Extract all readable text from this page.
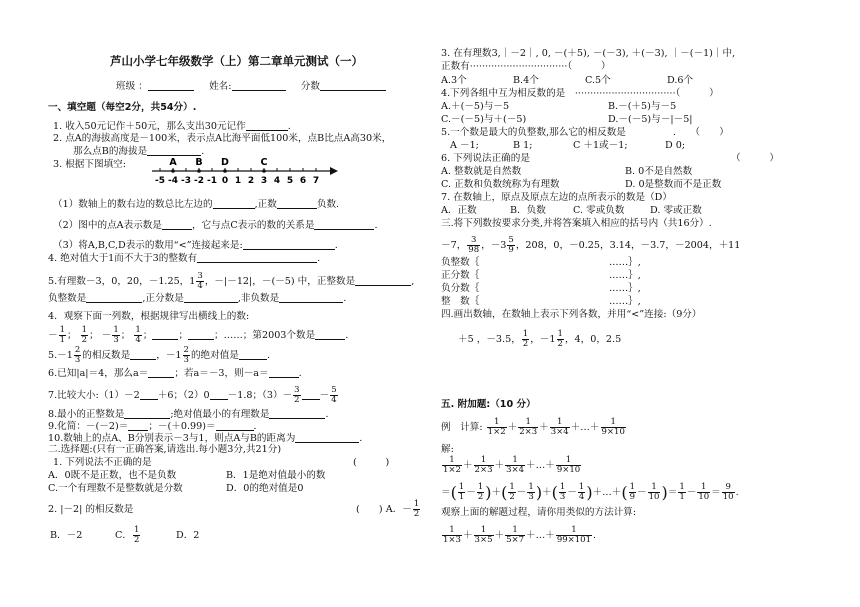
芦山小学七年级数学（上）第二章单元测试（一）
班级 ：	姓名:	分数
一、填空题（每空2分，共54分）.
1. 收入50元记作＋50元，那么支出30元记作	.
2. 点A的海拔高度是－100米，表示点A比海平面低100米，点B比点A高30米，
那么点B的海拔是	.
3. 根据下图填空:
-5 -4 -3 -2 -1 0 1 2 3 4 5 6 7
A B D	C
（1）数轴上的数右边的数总比左边的	,正数	负数.
（2）图中的点A表示数是	，它与点C表示的数的关系是	.
（3）将A,B,C,D表示的数用“<”连接起来是:	.
4. 绝对值大于1而不大于3的整数有	.
5.有理数－3，0，20，－1.25，$1 \frac{3}{4}$ ，－|－12|，－(－5) 中，正整数是	,
负整数是	,正分数是	,非负数是	.
4．观察下面一列数，根据规律写出横线上的数:
－ $\frac{1}{1}$ ； $\frac{1}{2}$ ； － $\frac{1}{3}$ ； $\frac{1}{4}$ ；	；	；……；第2003个数是	.
$5.-1 \frac{2}{3}$ 的相反数是	，$-1 \frac{2}{3}$ 的绝对值是	.
6.已知|a|＝4，那么a＝	；若a＝－3，则－a＝	.
7.比较大小:（1）－2 ＋6；（2）0 －1.8；$(3)- \frac{3}{2} - \frac{5}{4}$
8.最小的正整数是	;绝对值最小的有理数是	.
9.化简：－(－2)＝ ；－(＋0.99)＝	.
10.数轴上的点A、B分别表示－3与1，则点A与B的距离为	.
二.选择题:(只有一正确答案,请选出.每小题3分,共21分)
1. 下列说法不正确的是	(　　　)
A．0既不是正数，也不是负数	B．1是绝对值最小的数
C.一个有理数不是整数就是分数	D．0的绝对值是0
2. |－2| 的相反数是	(　　) A．－ $\frac{1}{2}$
B．－2	C． $\frac{1}{2}$	D．2
3. 在有理数3,｜－2｜, 0, －(＋5), －(－3), ＋(－3), ｜－(－1)｜中,
正数有································（　　　）
A.3个	B.4个	C.5个	D.6个
4.下列各组中互为相反数的是　·································（　　　）
A.＋(－5)与－5	B.－(＋5)与－5
C.－(－5)与＋(－5)	D.－(－5)与－|－5|
5.一个数是最大的负整数,那么它的相反数是	.　　（　　）
A －1;	B 1;	C ＋1或－1;	D 0;
6. 下列说法正确的是	（　　　）
A. 整数就是自然数	B. 0不是自然数
C. 正数和负数统称为有理数	D. 0是整数而不是正数
7. 在数轴上，原点及原点左边的点所表示的数是（D）
A．正数	B．负数	C. 零或负数	D. 零或正数
三.将下列数按要求分类,并将答案填入相应的括号内（共16分）.
－7， $\frac{3}{98}$ ，$-3 \frac{5}{9}$ ，208，0，－0.25，3.14，－3.7，－2004，＋11
负整数｛	……｝,
正分数｛	……｝,
负分数｛	……｝,
整　数｛	……｝,
四.画出数轴，在数轴上表示下列各数，并用“<”连接:（9分）
＋5 ，－3.5， $\frac{1}{2}$ ，$-1 \frac{1}{2}$ ，4，0，2.5
五. 附加题:（10 分）
例　计算: $\frac{1}{1\times 2} + \frac{1}{2\times 3} + \frac{1}{3\times 4}$ ＋…＋ $\frac{1}{9\times 10}$
解:
$\frac{1}{1\times 2} + \frac{1}{2\times 3} + \frac{1}{3\times 4}$ ＋…＋ $\frac{1}{9\times 10}$
＝( $\frac{1}{1} - \frac{1}{2}$ )＋( $\frac{1}{2} - \frac{1}{3}$ )＋( $\frac{1}{3} - \frac{1}{4}$ )＋…＋( $\frac{1}{9} - \frac{1}{10}$ )＝ $\frac{1}{1} - \frac{1}{10} = \frac{9}{10}$ .
观察上面的解题过程，请你用类似的方法计算:
$\frac{1}{1\times 3} + \frac{1}{3\times 5} + \frac{1}{5\times 7}$ ＋…＋ $\frac{1}{99\times 101}$ .
